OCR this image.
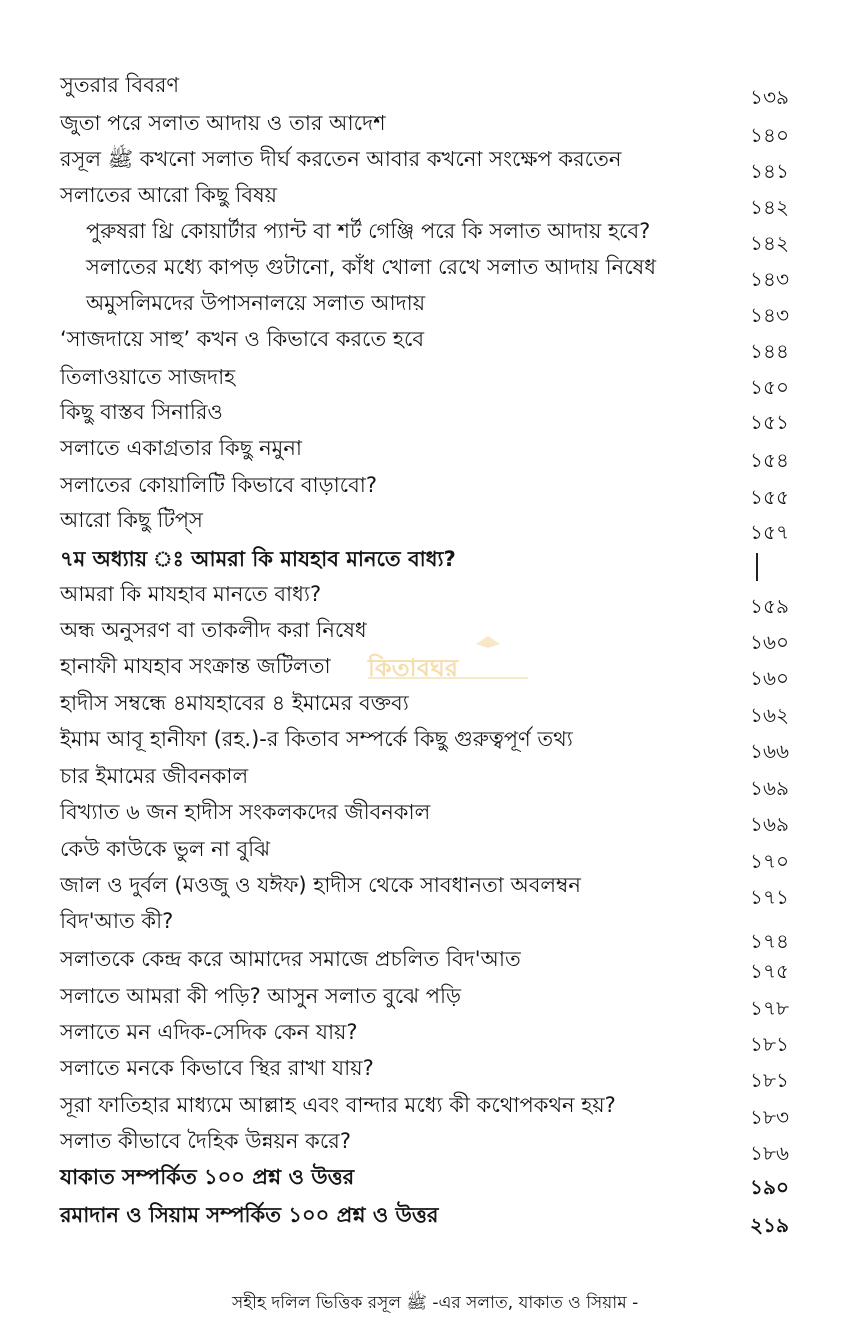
সুতরার বিবরণ	১৩৯
জুতা পরে সলাত আদায় ও তার আদেশ	১৪০
রসূল ﷺ কখনো সলাত দীর্ঘ করতেন আবার কখনো সংক্ষেপ করতেন	১৪১
সলাতের আরো কিছু বিষয়	১৪২
পুরুষরা থ্রি কোয়ার্টার প্যান্ট বা শর্ট গেঞ্জি পরে কি সলাত আদায় হবে?	১৪২
সলাতের মধ্যে কাপড় গুটানো, কাঁধ খোলা রেখে সলাত আদায় নিষেধ	১৪৩
অমুসলিমদের উপাসনালয়ে সলাত আদায়	১৪৩
‘সাজদায়ে সাহু’ কখন ও কিভাবে করতে হবে	১৪৪
তিলাওয়াতে সাজদাহ	১৫০
কিছু বাস্তব সিনারিও	১৫১
সলাতে একাগ্রতার কিছু নমুনা	১৫৪
সলাতের কোয়ালিটি কিভাবে বাড়াবো?	১৫৫
আরো কিছু টিপ্‌স	১৫৭
৭ম অধ্যায় ঃ আমরা কি মাযহাব মানতে বাধ্য?
আমরা কি মাযহাব মানতে বাধ্য?	১৫৯
অন্ধ অনুসরণ বা তাকলীদ করা নিষেধ	১৬০
হানাফী মাযহাব সংক্রান্ত জটিলতা	১৬০
হাদীস সম্বন্ধে ৪মাযহাবের ৪ ইমামের বক্তব্য	১৬২
ইমাম আবূ হানীফা (রহ.)-র কিতাব সম্পর্কে কিছু গুরুত্বপূর্ণ তথ্য	১৬৬
চার ইমামের জীবনকাল	১৬৯
বিখ্যাত ৬ জন হাদীস সংকলকদের জীবনকাল	১৬৯
কেউ কাউকে ভুল না বুঝি	১৭০
জাল ও দুর্বল (মওজু ও যঈফ) হাদীস থেকে সাবধানতা অবলম্বন	১৭১
বিদ'আত কী?
১৭৪
সলাতকে কেন্দ্র করে আমাদের সমাজে প্রচলিত বিদ'আত	১৭৫
সলাতে আমরা কী পড়ি? আসুন সলাত বুঝে পড়ি	১৭৮
সলাতে মন এদিক-সেদিক কেন যায়?	১৮১
সলাতে মনকে কিভাবে স্থির রাখা যায়?	১৮১
সূরা ফাতিহার মাধ্যমে আল্লাহ এবং বান্দার মধ্যে কী কথোপকথন হয়?	১৮৩
সলাত কীভাবে দৈহিক উন্নয়ন করে?	১৮৬
যাকাত সম্পর্কিত ১০০ প্রশ্ন ও উত্তর	১৯০
রমাদান ও সিয়াম সম্পর্কিত ১০০ প্রশ্ন ও উত্তর	২১৯
কিতাবঘর
সহীহ দলিল ভিত্তিক রসূল ﷺ -এর সলাত, যাকাত ও সিয়াম -
